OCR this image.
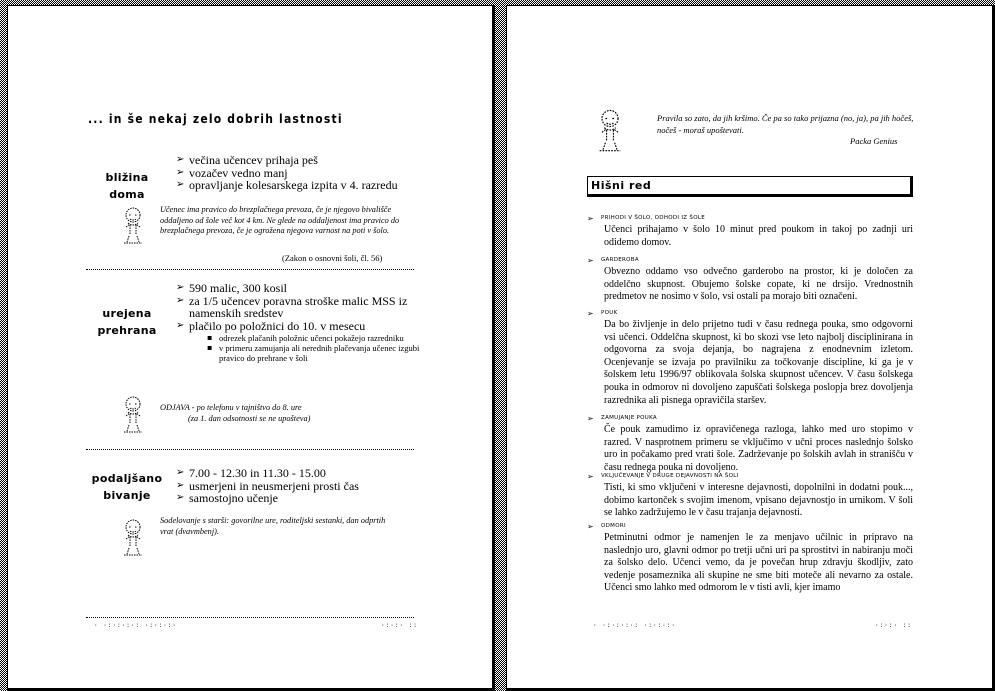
... in še nekaj zelo dobrih lastnosti
bližina doma
➢ večina učencev prihaja peš
➢ vozačev vedno manj
➢ opravljanje kolesarskega izpita v 4. razredu
Učenec ima pravico do brezplačnega prevoza, če je njegovo bivališče oddaljeno od šole več kot 4 km. Ne glede na oddaljenost ima pravico do brezplačnega prevoza, če je ogrožena njegova varnost na poti v šolo.
(Zakon o osnovni šoli, čl. 56)
urejena
prehrana
➢ 590 malic, 300 kosil
➢ za 1/5 učencev poravna stroške malic MSS iz namenskih sredstev
➢ plačilo po položnici do 10. v mesecu
▪ odrezek plačanih položnic učenci pokažejo razredniku
▪ v primeru zamujanja ali nerednih plačevanja učenec izgubi pravico do prehrane v šoli
ODJAVA - po telefonu v tajništvo do 8. ure
(za 1. dan odsotnosti se ne upošteva)
podaljšano
bivanje
➢ 7.00 - 12.30 in 11.30 - 15.00
➢ usmerjeni in neusmerjeni prosti čas
➢ samostojno učenje
Sodelovanje s starši: govorilne ure, roditeljski sestanki, dan odprtih vrat (dvavmbenj).
· ·:·:·:·: ·:·:·:·	·:·:· ::
Pravila so zato, da jih kršimo. Če pa so tako prijazna (no, ja), pa jih hočeš, nočeš - moraš upoštevati.
Packa Genius
Hišni red
➢ PRIHODI V ŠOLO, ODHODI IZ ŠOLE
Učenci prihajamo v šolo 10 minut pred poukom in takoj po zadnji uri odidemo domov.
➢ GARDEROBA
Obvezno oddamo vso odvečno garderobo na prostor, ki je določen za oddelčno skupnost. Obujemo šolske copate, ki ne drsijo. Vrednostnih predmetov ne nosimo v šolo, vsi ostali pa morajo biti označeni.
➢ POUK
Da bo življenje in delo prijetno tudi v času rednega pouka, smo odgovorni vsi učenci. Oddelčna skupnost, ki bo skozi vse leto najbolj disciplinirana in odgovorna za svoja dejanja, bo nagrajena z enodnevnim izletom. Ocenjevanje se izvaja po pravilniku za točkovanje discipline, ki ga je v šolskem letu 1996/97 oblikovala šolska skupnost učencev. V času šolskega pouka in odmorov ni dovoljeno zapuščati šolskega poslopja brez dovoljenja razrednika ali pisnega opravičila staršev.
➢ ZAMUJANJE POUKA
Če pouk zamudimo iz opravičenega razloga, lahko med uro stopimo v razred. V nasprotnem primeru se vključimo v učni proces naslednjo šolsko uro in počakamo pred vrati šole. Zadrževanje po šolskih avlah in stranišču v času rednega pouka ni dovoljeno.
➢ VKLJUČEVANJE V DRUGE DEJAVNOSTI NA ŠOLI
Tisti, ki smo vključeni v interesne dejavnosti, dopolnilni in dodatni pouk..., dobimo kartonček s svojim imenom, vpisano dejavnostjo in urnikom. V šoli se lahko zadržujemo le v času trajanja dejavnosti.
➢ ODMORI
Petminutni odmor je namenjen le za menjavo učilnic in pripravo na naslednjo uro, glavni odmor po tretji učni uri pa sprostitvi in nabiranju moči za šolsko delo. Učenci vemo, da je povečan hrup zdravju škodljiv, zato vedenje posameznika ali skupine ne sme biti moteče ali nevarno za ostale. Učenci smo lahko med odmorom le v tisti avli, kjer imamo
· ·:·:·:·: ·:·:·:·	·:·:· ::
